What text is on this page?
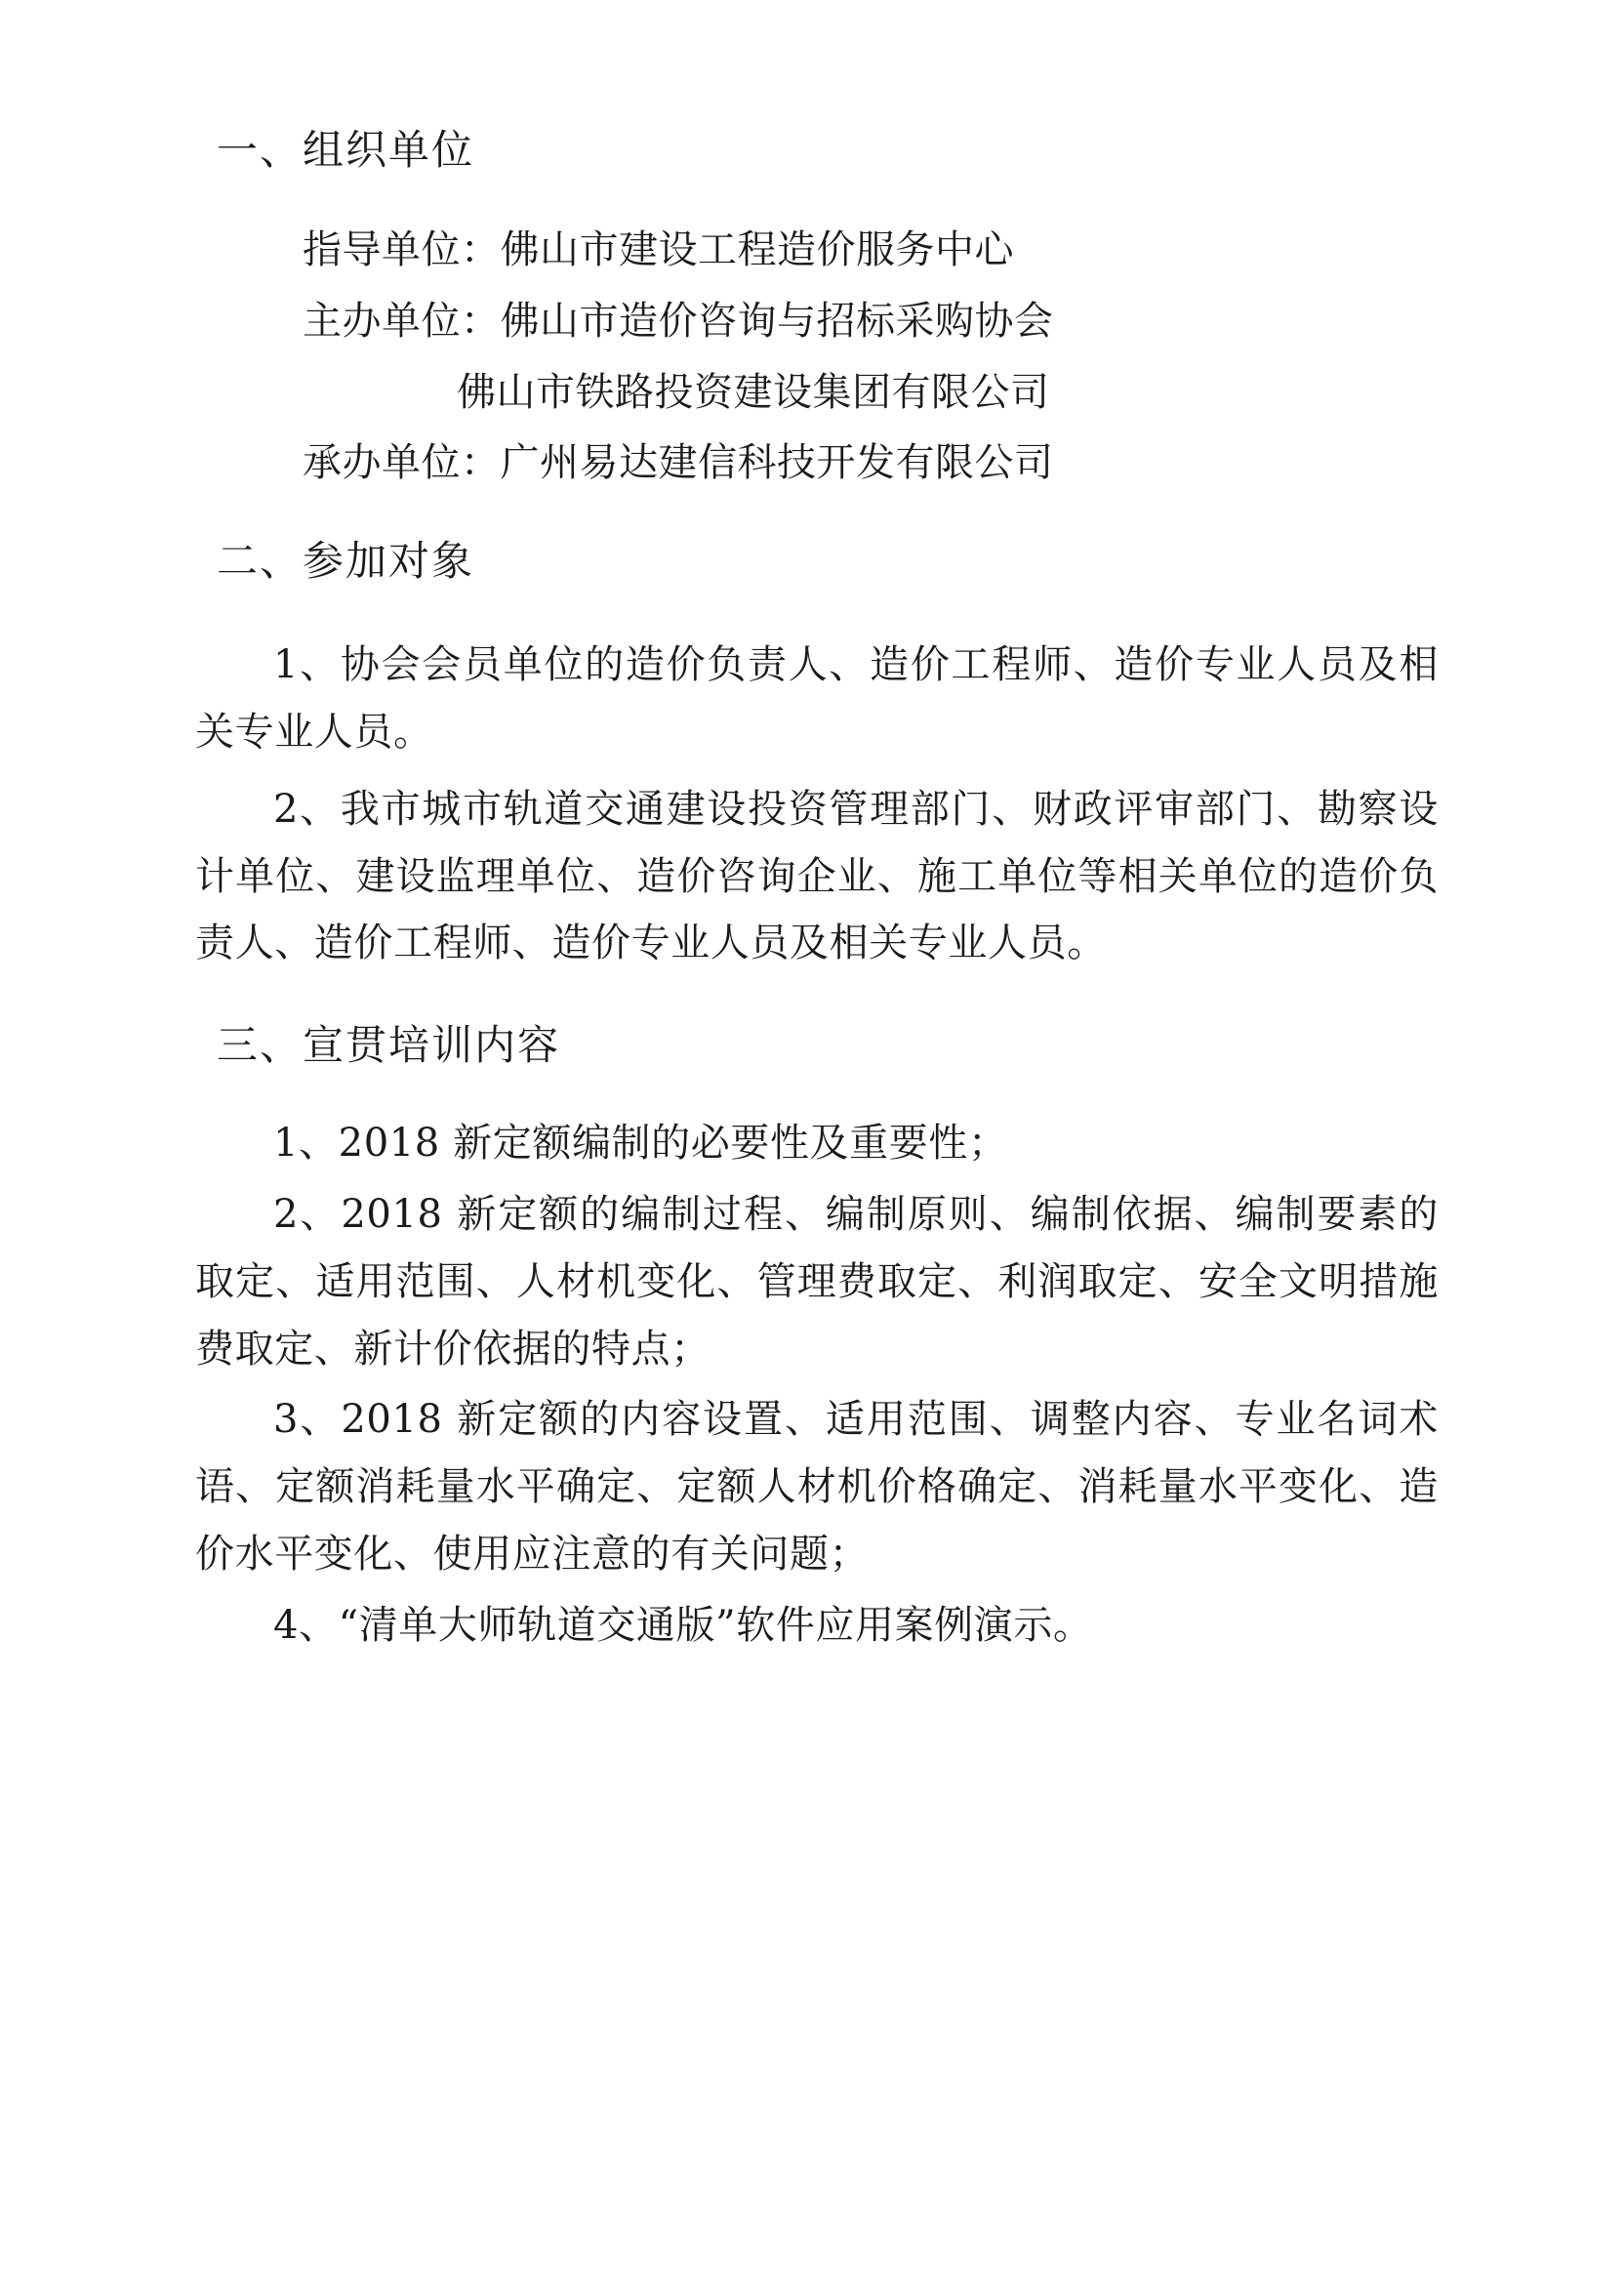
一、组织单位
指导单位：佛山市建设工程造价服务中心
主办单位：佛山市造价咨询与招标采购协会
佛山市铁路投资建设集团有限公司
承办单位：广州易达建信科技开发有限公司
二、参加对象
1、协会会员单位的造价负责人、造价工程师、造价专业人员及相关专业人员。
2、我市城市轨道交通建设投资管理部门、财政评审部门、勘察设计单位、建设监理单位、造价咨询企业、施工单位等相关单位的造价负责人、造价工程师、造价专业人员及相关专业人员。
三、宣贯培训内容
1、2018 新定额编制的必要性及重要性；
2、2018 新定额的编制过程、编制原则、编制依据、编制要素的取定、适用范围、人材机变化、管理费取定、利润取定、安全文明措施费取定、新计价依据的特点；
3、2018 新定额的内容设置、适用范围、调整内容、专业名词术语、定额消耗量水平确定、定额人材机价格确定、消耗量水平变化、造价水平变化、使用应注意的有关问题；
4、“清单大师轨道交通版”软件应用案例演示。
